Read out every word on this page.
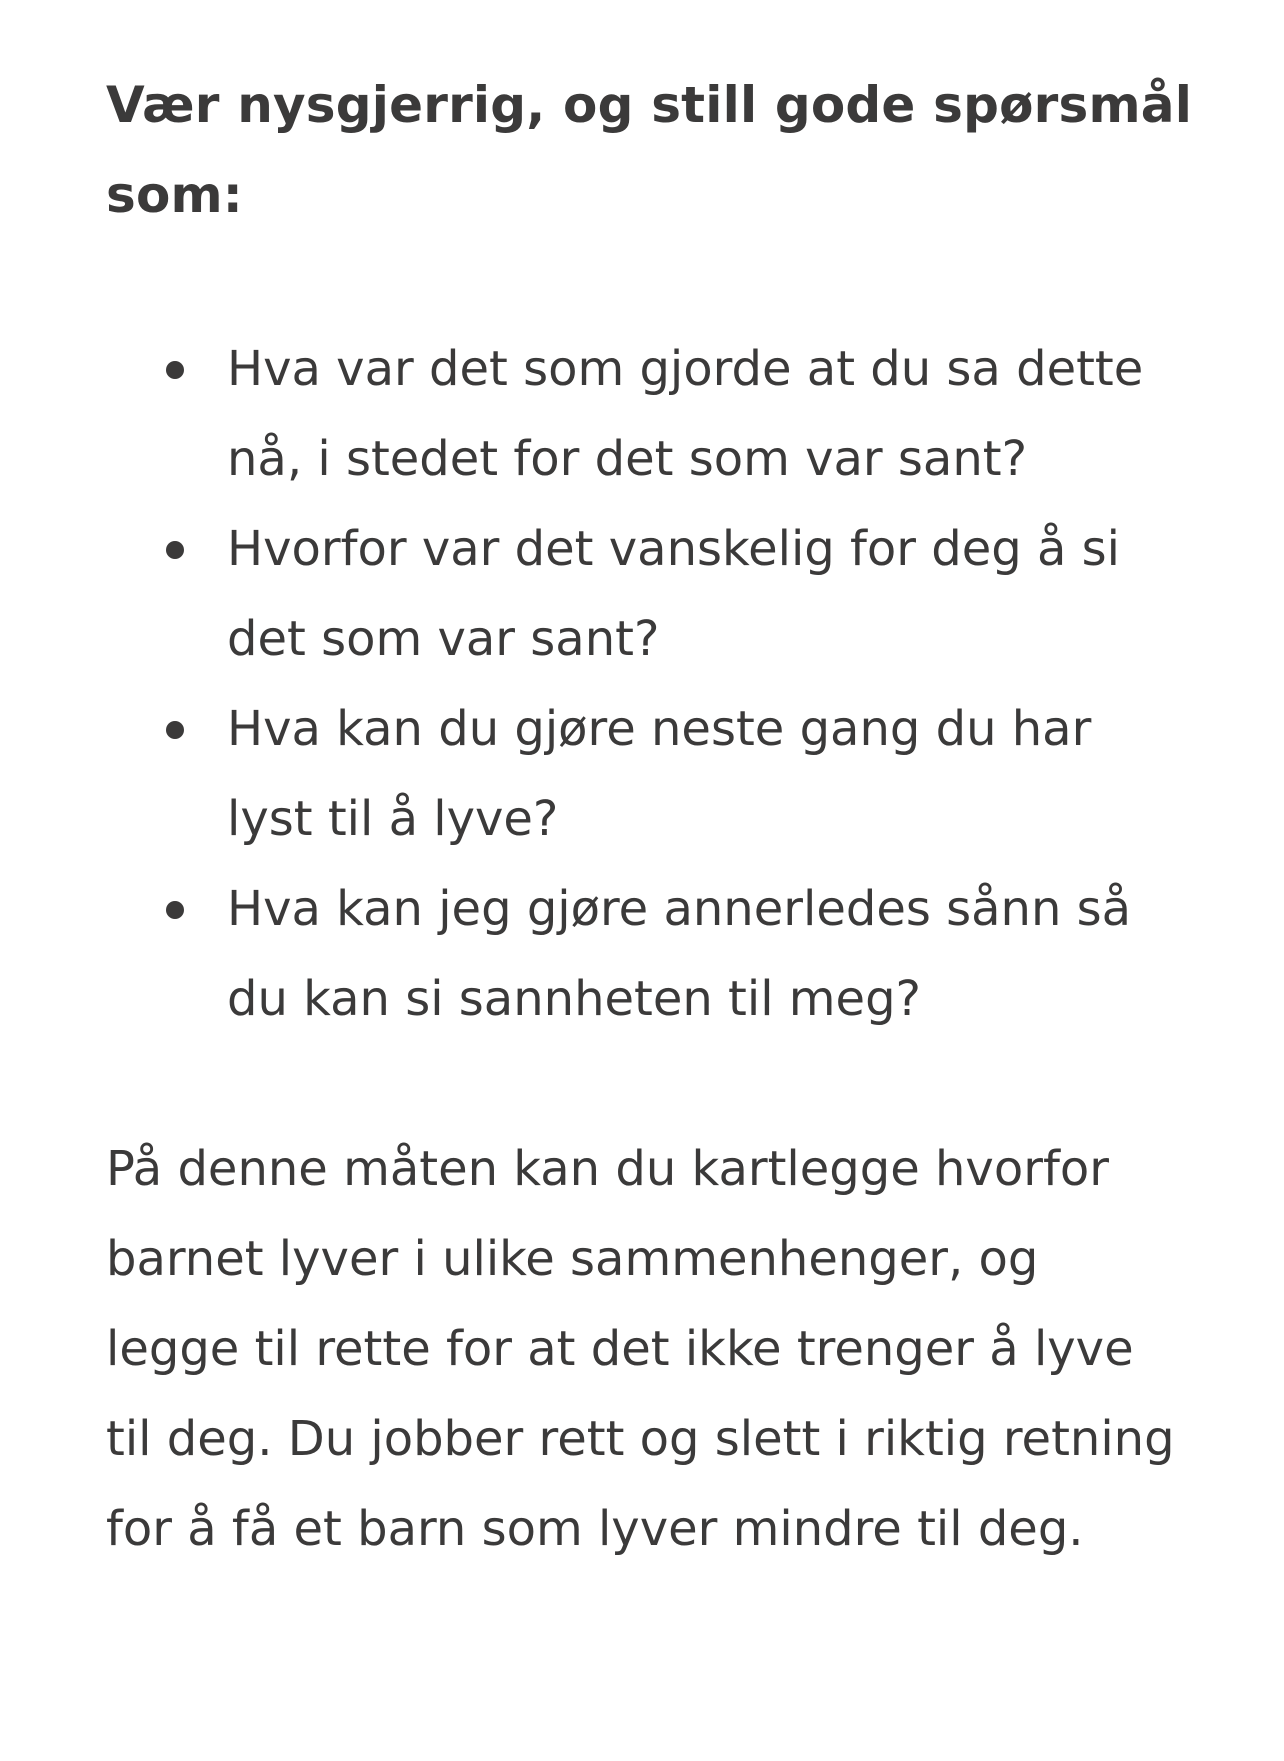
Vær nysgjerrig, og still gode spørsmål som:
Hva var det som gjorde at du sa dette nå, i stedet for det som var sant?
Hvorfor var det vanskelig for deg å si det som var sant?
Hva kan du gjøre neste gang du har lyst til å lyve?
Hva kan jeg gjøre annerledes sånn så du kan si sannheten til meg?

På denne måten kan du kartlegge hvorfor barnet lyver i ulike sammenhenger, og legge til rette for at det ikke trenger å lyve til deg. Du jobber rett og slett i riktig retning for å få et barn som lyver mindre til deg.
